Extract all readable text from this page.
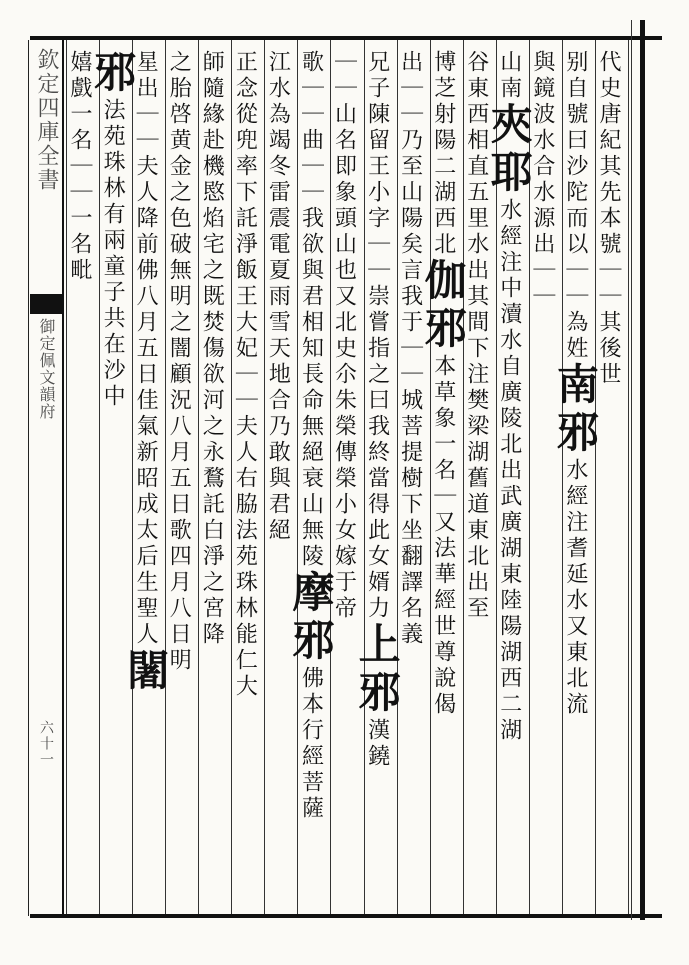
欽定四庫全書
御定佩文韻府
六十一
代史唐紀其先本號｜｜其後世
别自號曰沙陀而以｜｜為姓南邪水經注耆延水又東北流
與鏡波水合水源出｜｜
山南夾耶水經注中瀆水自廣陵北出武廣湖東陸陽湖西二湖
谷東西相直五里水出其間下注樊梁湖舊道東北出至
博芝射陽二湖西北伽邪本草象一名｜又法華經世尊說偈
出｜｜乃至山陽矣言我于｜｜城菩提樹下坐翻譯名義
兄子陳留王小字｜｜崇嘗指之曰我終當得此女婿力上邪漢鐃
｜｜山名即象頭山也又北史尒朱榮傳榮小女嫁于帝
歌｜｜曲｜｜我欲與君相知長命無絕衰山無陵摩邪佛本行經菩薩
江水為竭冬雷震電夏雨雪天地合乃敢與君絕
正念從兜率下託淨飯王大妃｜｜夫人右脇法苑珠林能仁大
師隨緣赴機愍焰宅之既焚傷欲河之永鶩託白淨之宮降
之胎啓黄金之色破無明之闇顧況八月五日歌四月八日明
星出｜｜夫人降前佛八月五日佳氣新昭成太后生聖人闍
邪法苑珠林有兩童子共在沙中
嬉戲一名｜｜一名毗
